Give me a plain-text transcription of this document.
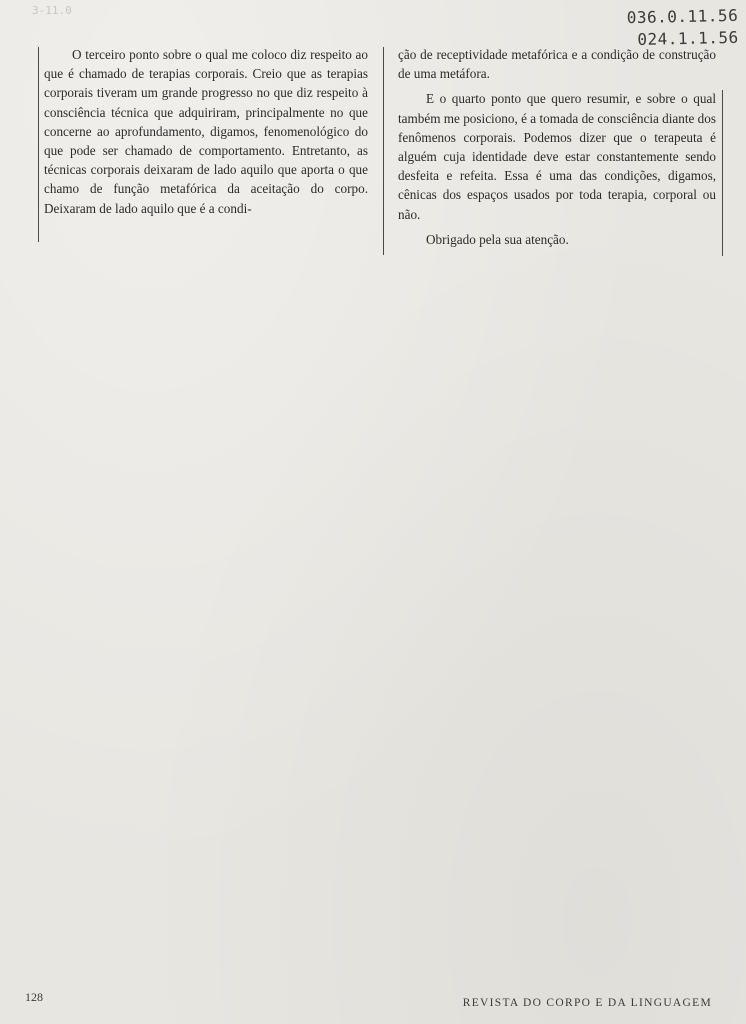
3-11.0	036.0.11.56
024.1.1.56

O terceiro ponto sobre o qual me coloco diz respeito ao que é chamado de terapias corporais. Creio que as terapias corporais tiveram um grande progresso no que diz respeito à consciência técnica que adquiriram, principalmente no que concerne ao aprofundamento, digamos, fenomenológico do que pode ser chamado de comportamento. Entretanto, as técnicas corporais deixaram de lado aquilo que aporta o que chamo de função metafórica da aceitação do corpo. Deixaram de lado aquilo que é a condi-

ção de receptividade metafórica e a condição de construção de uma metáfora.

E o quarto ponto que quero resumir, e sobre o qual também me posiciono, é a tomada de consciência diante dos fenômenos corporais. Podemos dizer que o terapeuta é alguém cuja identidade deve estar constantemente sendo desfeita e refeita. Essa é uma das condições, digamos, cênicas dos espaços usados por toda terapia, corporal ou não.

Obrigado pela sua atenção.

128	REVISTA DO CORPO E DA LINGUAGEM
